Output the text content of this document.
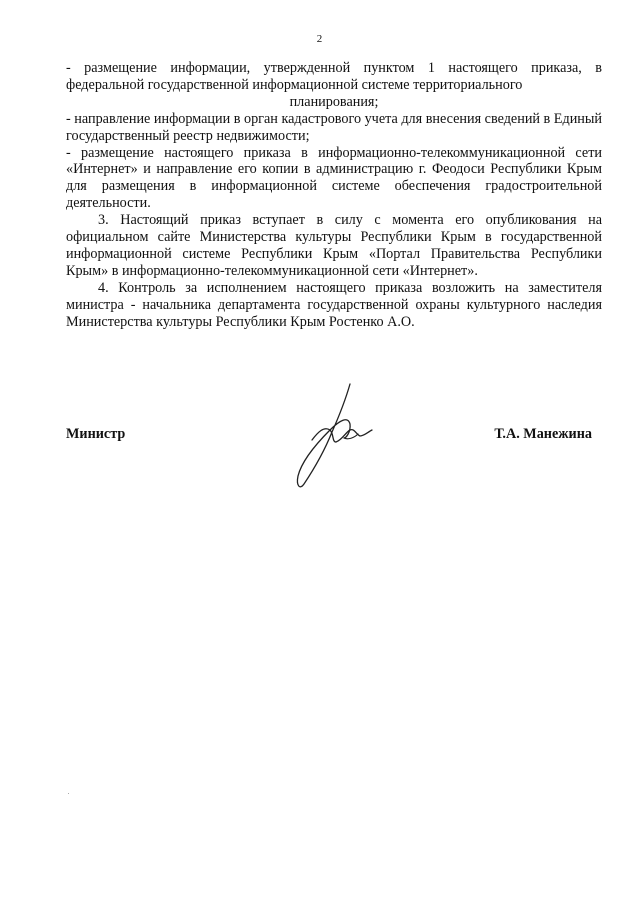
2

- размещение информации, утвержденной пунктом 1 настоящего приказа, в федеральной государственной информационной системе территориального

планирования;

- направление информации в орган кадастрового учета для внесения сведений в Единый государственный реестр недвижимости;

- размещение настоящего приказа в информационно-телекоммуникационной сети «Интернет» и направление его копии в администрацию г. Феодоси Республики Крым для размещения в информационной системе обеспечения градостроительной деятельности.

3. Настоящий приказ вступает в силу с момента его опубликования на официальном сайте Министерства культуры Республики Крым в государственной информационной системе Республики Крым «Портал Правительства Республики Крым» в информационно-телекоммуникационной сети «Интернет».

4. Контроль за исполнением настоящего приказа возложить на заместителя министра - начальника департамента государственной охраны культурного наследия Министерства культуры Республики Крым Ростенко А.О.

Министр	Т.А. Манежина
